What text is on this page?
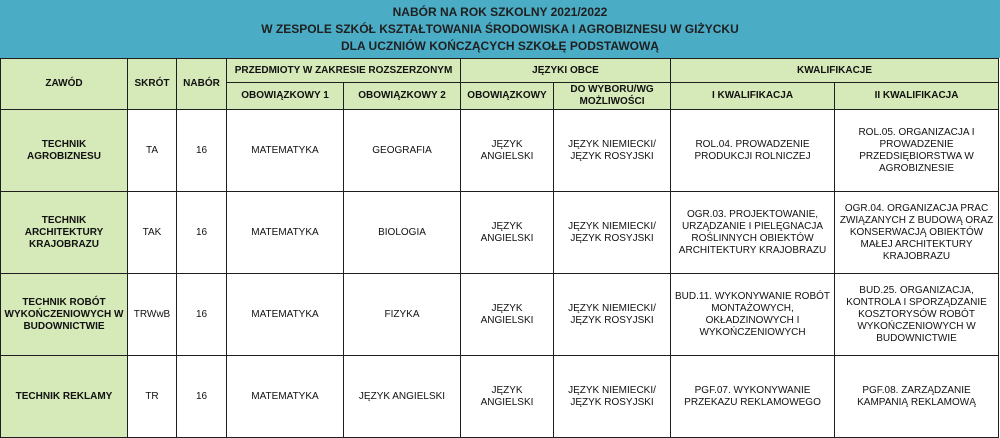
NABÓR NA ROK SZKOLNY 2021/2022
W ZESPOLE SZKÓŁ KSZTAŁTOWANIA ŚRODOWISKA I AGROBIZNESU W GIŻYCKU
DLA UCZNIÓW KOŃCZĄCYCH SZKOŁĘ PODSTAWOWĄ
ZAWÓD	SKRÓT	NABÓR	PRZEDMIOTY W ZAKRESIE ROZSZERZONYM		JĘZYKI OBCE		KWALIFIKACJE	
			OBOWIĄZKOWY 1	OBOWIĄZKOWY 2	OBOWIĄZKOWY	DO WYBORU/WG MOŻLIWOŚCI	I KWALIFIKACJA	II KWALIFIKACJA
TECHNIK AGROBIZNESU	TA	16	MATEMATYKA	GEOGRAFIA	JĘZYK ANGIELSKI	JĘZYK NIEMIECKI/ JĘZYK ROSYJSKI	ROL.04. PROWADZENIE PRODUKCJI ROLNICZEJ	ROL.05. ORGANIZACJA I PROWADZENIE PRZEDSIĘBIORSTWA W AGROBIZNESIE
TECHNIK ARCHITEKTURY KRAJOBRAZU	TAK	16	MATEMATYKA	BIOLOGIA	JĘZYK ANGIELSKI	JĘZYK NIEMIECKI/ JĘZYK ROSYJSKI	OGR.03. PROJEKTOWANIE, URZĄDZANIE I PIELĘGNACJA ROŚLINNYCH OBIEKTÓW ARCHITEKTURY KRAJOBRAZU	OGR.04. ORGANIZACJA PRAC ZWIĄZANYCH Z BUDOWĄ ORAZ KONSERWACJĄ OBIEKTÓW MAŁEJ ARCHITEKTURY KRAJOBRAZU
TECHNIK ROBÓT WYKOŃCZENIOWYCH W BUDOWNICTWIE	TRWwB	16	MATEMATYKA	FIZYKA	JĘZYK ANGIELSKI	JĘZYK NIEMIECKI/ JĘZYK ROSYJSKI	BUD.11. WYKONYWANIE ROBÓT MONTAŻOWYCH, OKŁADZINOWYCH I WYKOŃCZENIOWYCH	BUD.25. ORGANIZACJA, KONTROLA I SPORZĄDZANIE KOSZTORYSÓW ROBÓT WYKOŃCZENIOWYCH W BUDOWNICTWIE
TECHNIK REKLAMY	TR	16	MATEMATYKA	JĘZYK ANGIELSKI	JĘZYK ANGIELSKI	JĘZYK NIEMIECKI/ JĘZYK ROSYJSKI	PGF.07. WYKONYWANIE PRZEKAZU REKLAMOWEGO	PGF.08. ZARZĄDZANIE KAMPANIĄ REKLAMOWĄ
